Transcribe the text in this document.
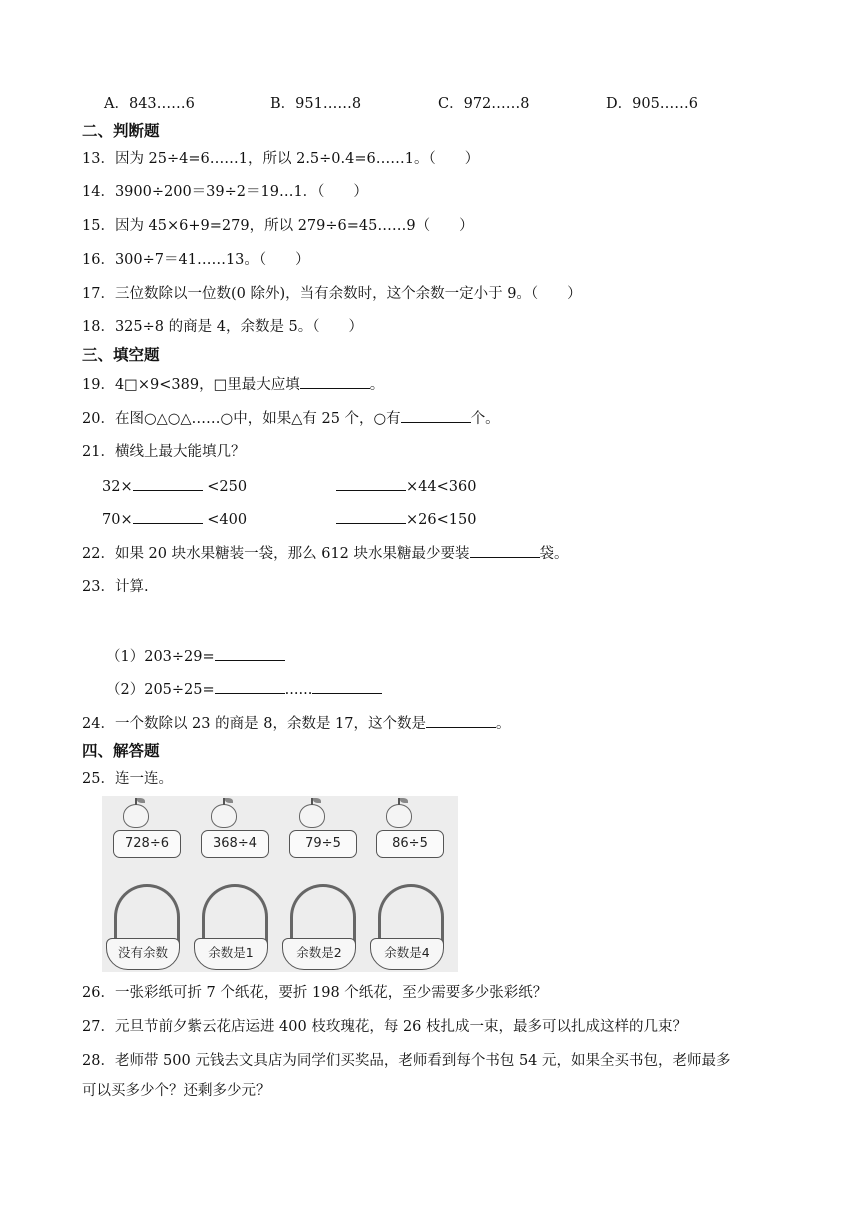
A．843……6	B．951……8	C．972……8	D．905……6
二、判断题
13．因为 25÷4=6……1，所以 2.5÷0.4=6……1。（　　）
14．3900÷200＝39÷2＝19…1．（　　）
15．因为 45×6+9=279，所以 279÷6=45……9（　　）
16．300÷7＝41……13。（　　）
17．三位数除以一位数(0 除外)，当有余数时，这个余数一定小于 9。（　　）
18．325÷8 的商是 4，余数是 5。（　　）
三、填空题
19．4□×9<389，□里最大应填	。
20．在图○△○△……○中，如果△有 25 个，○有	个。
21．横线上最大能填几？
32×	<250	×44<360
70×	<400	×26<150
22．如果 20 块水果糖装一袋，那么 612 块水果糖最少要装	袋。
23．计算.
（1）203÷29=
（2）205÷25=	......
24．一个数除以 23 的商是 8，余数是 17，这个数是	。
四、解答题
25．连一连。
728÷6	368÷4	79÷5	86÷5
没有余数	余数是1	余数是2	余数是4
26．一张彩纸可折 7 个纸花，要折 198 个纸花，至少需要多少张彩纸？
27．元旦节前夕紫云花店运进 400 枝玫瑰花，每 26 枝扎成一束，最多可以扎成这样的几束？
28．老师带 500 元钱去文具店为同学们买奖品，老师看到每个书包 54 元，如果全买书包，老师最多
可以买多少个？还剩多少元？
